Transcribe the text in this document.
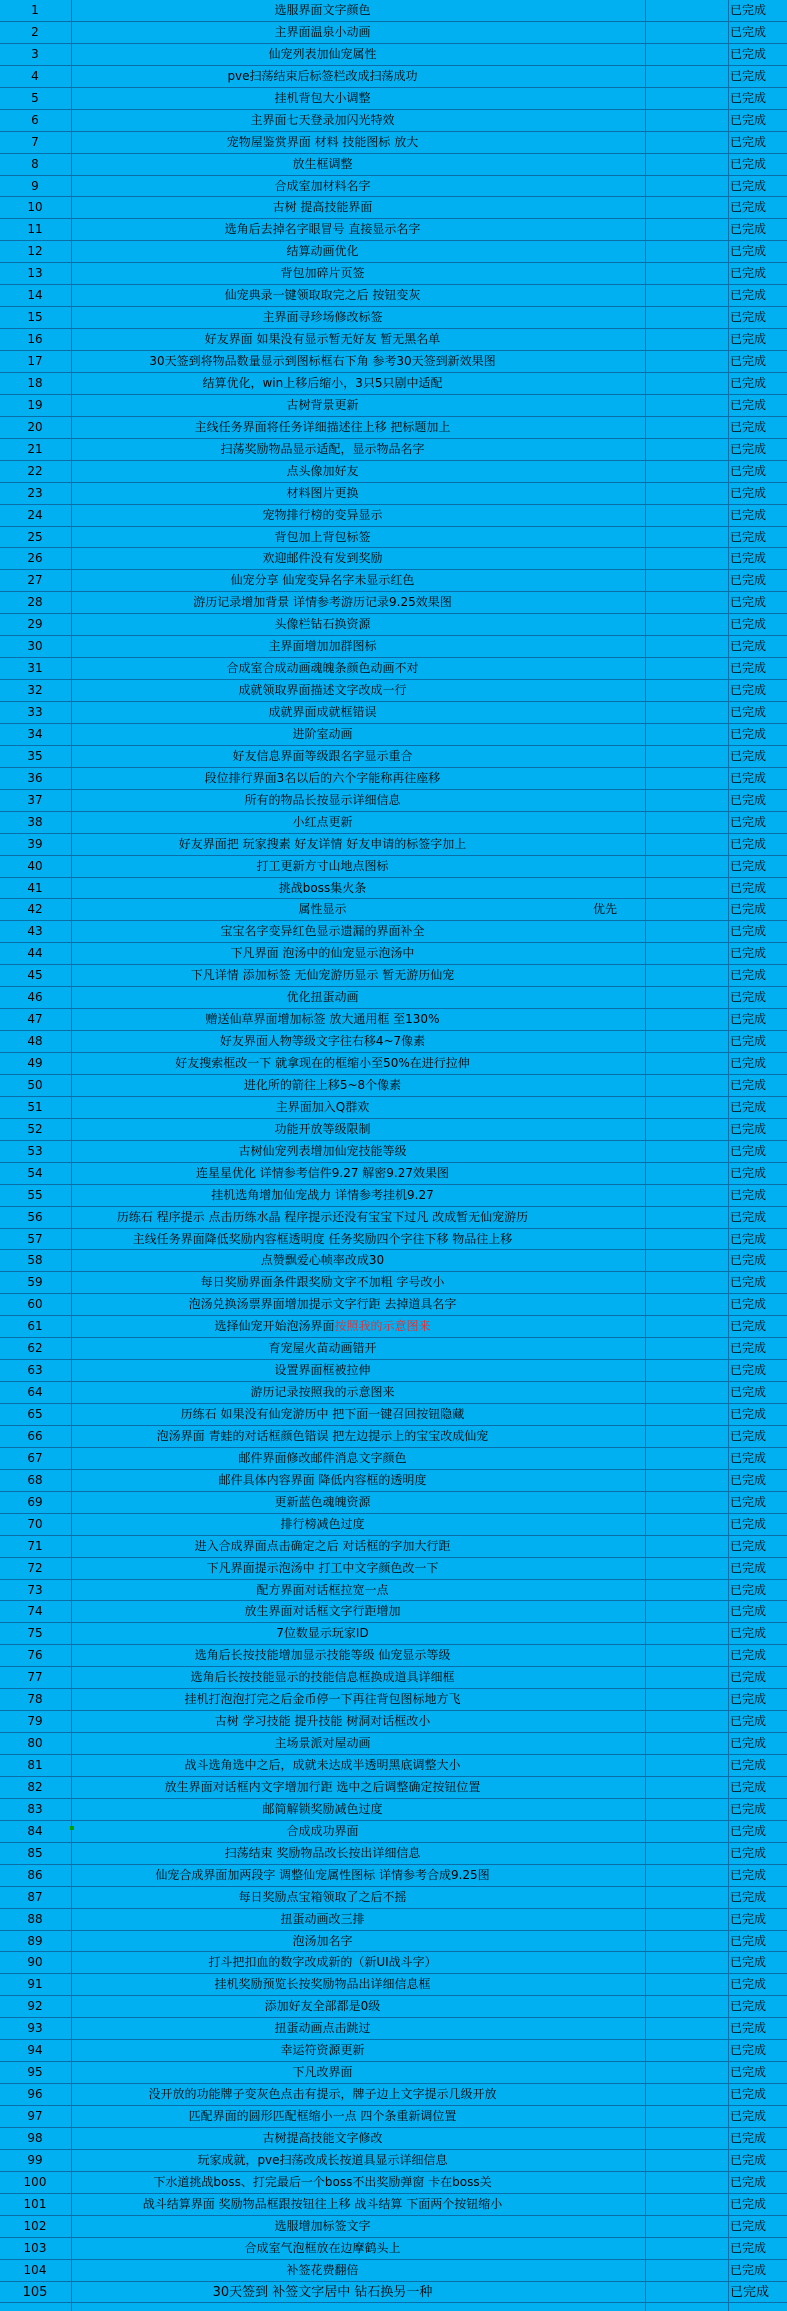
1	选服界面文字颜色	已完成
2	主界面温泉小动画	已完成
3	仙宠列表加仙宠属性	已完成
4	pve扫荡结束后标签栏改成扫荡成功	已完成
5	挂机背包大小调整	已完成
6	主界面七天登录加闪光特效	已完成
7	宠物屋鉴赏界面 材料 技能图标 放大	已完成
8	放生框调整	已完成
9	合成室加材料名字	已完成
10	古树 提高技能界面	已完成
11	选角后去掉名字眼冒号 直接显示名字	已完成
12	结算动画优化	已完成
13	背包加碎片页签	已完成
14	仙宠典录一键领取取完之后 按钮变灰	已完成
15	主界面寻珍场修改标签	已完成
16	好友界面 如果没有显示暂无好友 暂无黑名单	已完成
17	30天签到将物品数量显示到图标框右下角 参考30天签到新效果图	已完成
18	结算优化，win上移后缩小，3只5只剧中适配	已完成
19	古树背景更新	已完成
20	主线任务界面将任务详细描述往上移 把标题加上	已完成
21	扫荡奖励物品显示适配，显示物品名字	已完成
22	点头像加好友	已完成
23	材料图片更换	已完成
24	宠物排行榜的变异显示	已完成
25	背包加上背包标签	已完成
26	欢迎邮件没有发到奖励	已完成
27	仙宠分享 仙宠变异名字未显示红色	已完成
28	游历记录增加背景 详情参考游历记录9.25效果图	已完成
29	头像栏钻石换资源	已完成
30	主界面增加加群图标	已完成
31	合成室合成动画魂魄条颜色动画不对	已完成
32	成就领取界面描述文字改成一行	已完成
33	成就界面成就框错误	已完成
34	进阶室动画	已完成
35	好友信息界面等级跟名字显示重合	已完成
36	段位排行界面3名以后的六个字能称再往座移	已完成
37	所有的物品长按显示详细信息	已完成
38	小红点更新	已完成
39	好友界面把 玩家搜素 好友详情 好友申请的标签字加上	已完成
40	打工更新方寸山地点图标	已完成
41	挑战boss集火条	已完成
42	属性显示	优先	已完成
43	宝宝名字变异红色显示遗漏的界面补全	已完成
44	下凡界面 泡汤中的仙宠显示泡汤中	已完成
45	下凡详情 添加标签 无仙宠游历显示 暂无游历仙宠	已完成
46	优化扭蛋动画	已完成
47	赠送仙草界面增加标签 放大通用框 至130%	已完成
48	好友界面人物等级文字往右移4~7像素	已完成
49	好友搜索框改一下 就拿现在的框缩小至50%在进行拉伸	已完成
50	进化所的箭往上移5~8个像素	已完成
51	主界面加入Q群欢	已完成
52	功能开放等级限制	已完成
53	古树仙宠列表增加仙宠技能等级	已完成
54	连星星优化 详情参考信件9.27 解密9.27效果图	已完成
55	挂机选角增加仙宠战力 详情参考挂机9.27	已完成
56	历练石 程序提示 点击历练水晶 程序提示还没有宝宝下过凡 改成暂无仙宠游历	已完成
57	主线任务界面降低奖励内容框透明度 任务奖励四个字往下移 物品往上移	已完成
58	点赞飘爱心帧率改成30	已完成
59	每日奖励界面条件跟奖励文字不加粗 字号改小	已完成
60	泡汤兑换汤票界面增加提示文字行距 去掉道具名字	已完成
61	选择仙宠开始泡汤界面按照我的示意图来	已完成
62	育宠屋火苗动画错开	已完成
63	设置界面框被拉伸	已完成
64	游历记录按照我的示意图来	已完成
65	历练石 如果没有仙宠游历中 把下面一键召回按钮隐藏	已完成
66	泡汤界面 青蛙的对话框颜色错误 把左边提示上的宝宝改成仙宠	已完成
67	邮件界面修改邮件消息文字颜色	已完成
68	邮件具体内容界面 降低内容框的透明度	已完成
69	更新蓝色魂魄资源	已完成
70	排行榜减色过度	已完成
71	进入合成界面点击确定之后 对话框的字加大行距	已完成
72	下凡界面提示泡汤中 打工中文字颜色改一下	已完成
73	配方界面对话框拉宽一点	已完成
74	放生界面对话框文字行距增加	已完成
75	7位数显示玩家ID	已完成
76	选角后长按技能增加显示技能等级 仙宠显示等级	已完成
77	选角后长按技能显示的技能信息框换成道具详细框	已完成
78	挂机打泡泡打完之后金币停一下再往背包图标地方飞	已完成
79	古树 学习技能 提升技能 树洞对话框改小	已完成
80	主场景派对屋动画	已完成
81	战斗选角选中之后，成就未达成半透明黑底调整大小	已完成
82	放生界面对话框内文字增加行距 选中之后调整确定按钮位置	已完成
83	邮简解锁奖励减色过度	已完成
84	合成成功界面	已完成
85	扫荡结束 奖励物品改长按出详细信息	已完成
86	仙宠合成界面加两段字 调整仙宠属性图标 详情参考合成9.25图	已完成
87	每日奖励点宝箱领取了之后不摇	已完成
88	扭蛋动画改三排	已完成
89	泡汤加名字	已完成
90	打斗把扣血的数字改成新的（新UI战斗字）	已完成
91	挂机奖励预览长按奖励物品出详细信息框	已完成
92	添加好友全部都是0级	已完成
93	扭蛋动画点击跳过	已完成
94	幸运符资源更新	已完成
95	下凡改界面	已完成
96	没开放的功能牌子变灰色点击有提示，牌子边上文字提示几级开放	已完成
97	匹配界面的圆形匹配框缩小一点 四个条重新调位置	已完成
98	古树提高技能文字修改	已完成
99	玩家成就，pve扫荡改成长按道具显示详细信息	已完成
100	下水道挑战boss、打完最后一个boss不出奖励弹窗 卡在boss关	已完成
101	战斗结算界面 奖励物品框跟按钮往上移 战斗结算 下面两个按钮缩小	已完成
102	选服增加标签文字	已完成
103	合成室气泡框放在边摩鹤头上	已完成
104	补签花费翻倍	已完成
105	30天签到 补签文字居中 钻石换另一种	已完成
